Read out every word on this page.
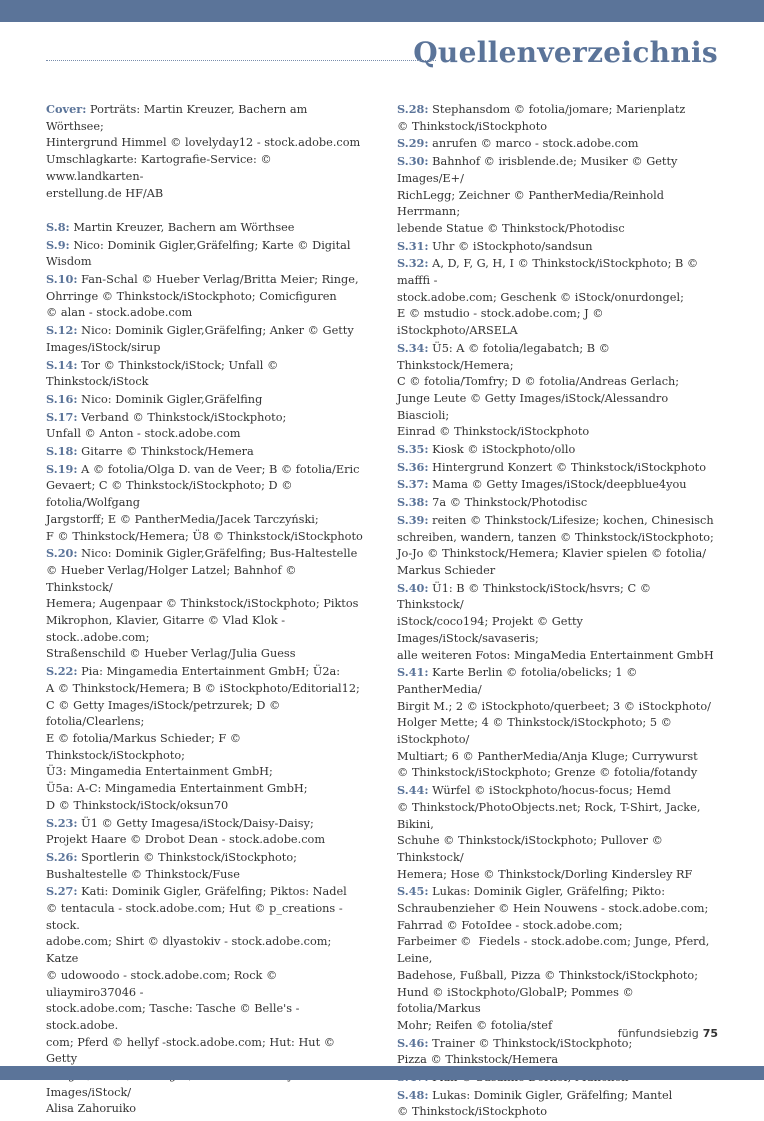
Quellenverzeichnis

Cover: Porträts: Martin Kreuzer, Bachern am Wörthsee;
Hintergrund Himmel © lovelyday12 - stock.adobe.com
Umschlagkarte: Kartografie-Service: © www.landkarten-
erstellung.de HF/AB

S.8: Martin Kreuzer, Bachern am Wörthsee

S.9: Nico: Dominik Gigler,Gräfelfing; Karte © Digital
Wisdom

S.10: Fan-Schal © Hueber Verlag/Britta Meier; Ringe,
Ohrringe © Thinkstock/iStockphoto; Comicfiguren
© alan - stock.adobe.com

S.12: Nico: Dominik Gigler,Gräfelfing; Anker © Getty
Images/iStock/sirup

S.14: Tor © Thinkstock/iStock; Unfall © Thinkstock/iStock

S.16: Nico: Dominik Gigler,Gräfelfing

S.17: Verband © Thinkstock/iStockphoto;
Unfall © Anton - stock.adobe.com

S.18: Gitarre © Thinkstock/Hemera

S.19: A © fotolia/Olga D. van de Veer; B © fotolia/Eric
Gevaert; C © Thinkstock/iStockphoto; D © fotolia/Wolfgang
Jargstorff; E © PantherMedia/Jacek Tarczyński;
F © Thinkstock/Hemera; Ü8 © Thinkstock/iStockphoto

S.20: Nico: Dominik Gigler,Gräfelfing; Bus-Haltestelle
© Hueber Verlag/Holger Latzel; Bahnhof © Thinkstock/
Hemera; Augenpaar © Thinkstock/iStockphoto; Piktos
Mikrophon, Klavier, Gitarre © Vlad Klok - stock..adobe.com;
Straßenschild © Hueber Verlag/Julia Guess

S.22: Pia: Mingamedia Entertainment GmbH; Ü2a:
A © Thinkstock/Hemera; B © iStockphoto/Editorial12;
C © Getty Images/iStock/petrzurek; D © fotolia/Clearlens;
E © fotolia/Markus Schieder; F © Thinkstock/iStockphoto;
Ü3: Mingamedia Entertainment GmbH;
Ü5a: A-C: Mingamedia Entertainment GmbH;
D © Thinkstock/iStock/oksun70

S.23: Ü1 © Getty Imagesa/iStock/Daisy-Daisy;
Projekt Haare © Drobot Dean - stock.adobe.com

S.26: Sportlerin © Thinkstock/iStockphoto;
Bushaltestelle © Thinkstock/Fuse

S.27: Kati: Dominik Gigler, Gräfelfing; Piktos: Nadel
© tentacula - stock.adobe.com; Hut © p_creations - stock.
adobe.com; Shirt © dlyastokiv - stock.adobe.com; Katze
© udowoodo - stock.adobe.com; Rock © uliaymiro37046 -
stock.adobe.com; Tasche: Tasche © Belle's - stock.adobe.
com; Pferd © hellyf -stock.adobe.com; Hut: Hut © Getty
Images/iStock/
Alisa Zahoruiko

S.28: Stephansdom © fotolia/jomare; Marienplatz
© Thinkstock/iStockphoto

S.29: anrufen © marco - stock.adobe.com

S.30: Bahnhof © irisblende.de; Musiker © Getty Images/E+/
RichLegg; Zeichner © PantherMedia/Reinhold Herrmann;
lebende Statue © Thinkstock/Photodisc

S.31: Uhr © iStockphoto/sandsun

S.32: A, D, F, G, H, I © Thinkstock/iStockphoto; B © mafffi -
stock.adobe.com; Geschenk © iStock/onurdongel;
E © mstudio - stock.adobe.com; J © iStockphoto/ARSELA

S.34: Ü5: A © fotolia/legabatch; B © Thinkstock/Hemera;
C © fotolia/Tomfry; D © fotolia/Andreas Gerlach;
Junge Leute © Getty Images/iStock/Alessandro Biascioli;
Einrad © Thinkstock/iStockphoto

S.35: Kiosk © iStockphoto/ollo

S.36: Hintergrund Konzert © Thinkstock/iStockphoto

S.37: Mama © Getty Images/iStock/deepblue4you

S.38: 7a © Thinkstock/Photodisc

S.39: reiten © Thinkstock/Lifesize; kochen, Chinesisch
schreiben, wandern, tanzen © Thinkstock/iStockphoto;
Jo-Jo © Thinkstock/Hemera; Klavier spielen © fotolia/
Markus Schieder

S.40: Ü1: B © Thinkstock/iStock/hsvrs; C © Thinkstock/
iStock/coco194; Projekt © Getty Images/iStock/savaseris;
alle weiteren Fotos: MingaMedia Entertainment GmbH

S.41: Karte Berlin © fotolia/obelicks; 1 © PantherMedia/
Birgit M.; 2 © iStockphoto/querbeet; 3 © iStockphoto/
Holger Mette; 4 © Thinkstock/iStockphoto; 5 © iStockphoto/
Multiart; 6 © PantherMedia/Anja Kluge; Currywurst
© Thinkstock/iStockphoto; Grenze © fotolia/fotandy

S.44: Würfel © iStockphoto/hocus-focus; Hemd
© Thinkstock/PhotoObjects.net; Rock, T-Shirt, Jacke, Bikini,
Schuhe © Thinkstock/iStockphoto; Pullover © Thinkstock/
Hemera; Hose © Thinkstock/Dorling Kindersley RF

S.45: Lukas: Dominik Gigler, Gräfelfing; Pikto:
Schraubenzieher © Hein Nouwens - stock.adobe.com;
Fahrrad © FotoIdee - stock.adobe.com;
Farbeimer ©  Fiedels - stock.adobe.com; Junge, Pferd, Leine,
Badehose, Fußball, Pizza © Thinkstock/iStockphoto;
Hund © iStockphoto/GlobalP; Pommes © fotolia/Markus
Mohr; Reifen © fotolia/stef

S.46: Trainer © Thinkstock/iStockphoto;
Pizza © Thinkstock/Hemera

S.48: Lukas: Dominik Gigler, Gräfelfing; Mantel
© Thinkstock/iStockphoto

fünfundsiebzig 75
